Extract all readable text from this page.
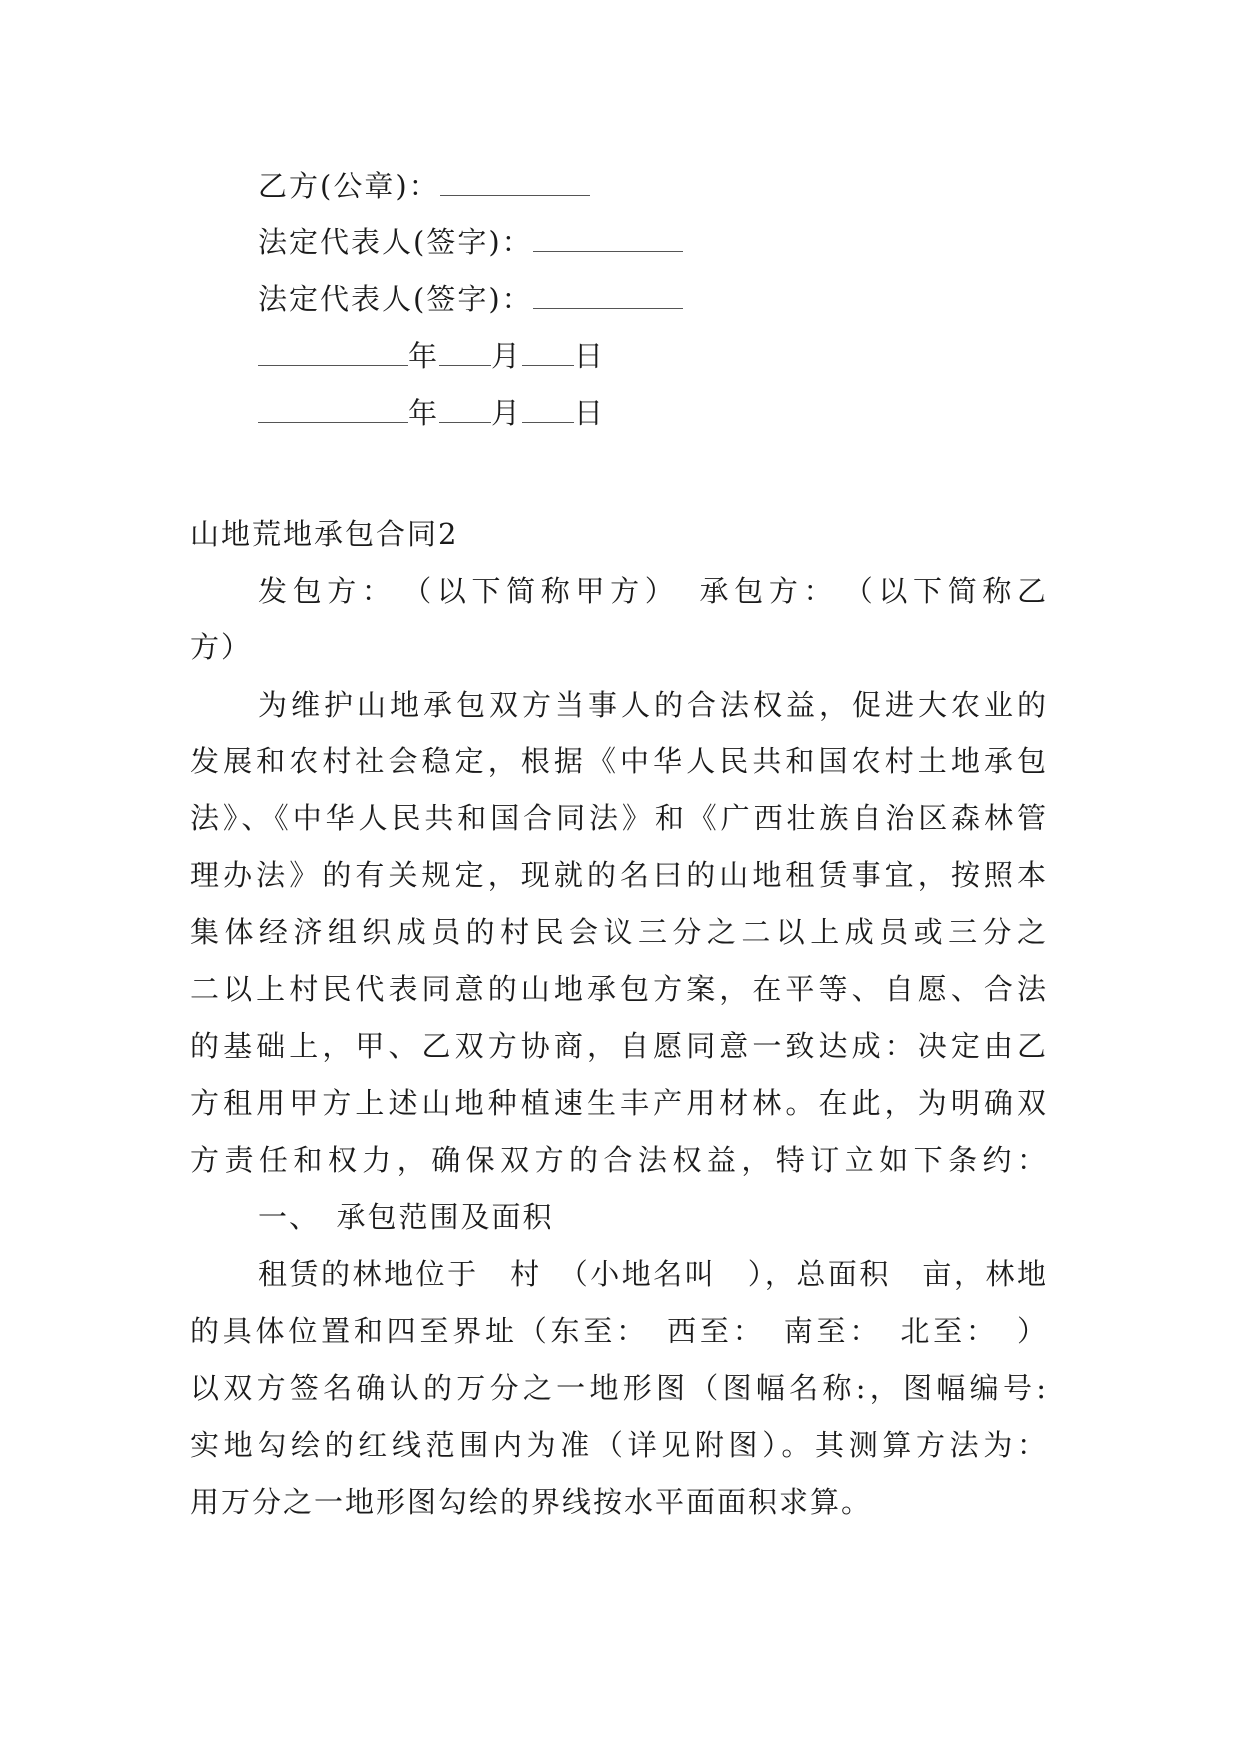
乙方(公章)：

法定代表人(签字)：

法定代表人(签字)：

年 月 日

年 月 日

山地荒地承包合同2

发包方：　（以下简称甲方）　承包方：　（以下简称乙

方）

为维护山地承包双方当事人的合法权益，促进大农业的

发展和农村社会稳定，根据《中华人民共和国农村土地承包

法》、《中华人民共和国合同法》和《广西壮族自治区森林管

理办法》的有关规定，现就的名曰的山地租赁事宜，按照本

集体经济组织成员的村民会议三分之二以上成员或三分之

二以上村民代表同意的山地承包方案，在平等、自愿、合法

的基础上，甲、乙双方协商，自愿同意一致达成：决定由乙

方租用甲方上述山地种植速生丰产用材林。在此，为明确双

方责任和权力，确保双方的合法权益，特订立如下条约：

一、　承包范围及面积

租赁的林地位于　村　（小地名叫　），总面积　亩，林地

的具体位置和四至界址（东至：　西至：　南至：　北至：　）

以双方签名确认的万分之一地形图（图幅名称:，图幅编号:

实地勾绘的红线范围内为准（详见附图）。其测算方法为：

用万分之一地形图勾绘的界线按水平面面积求算。
